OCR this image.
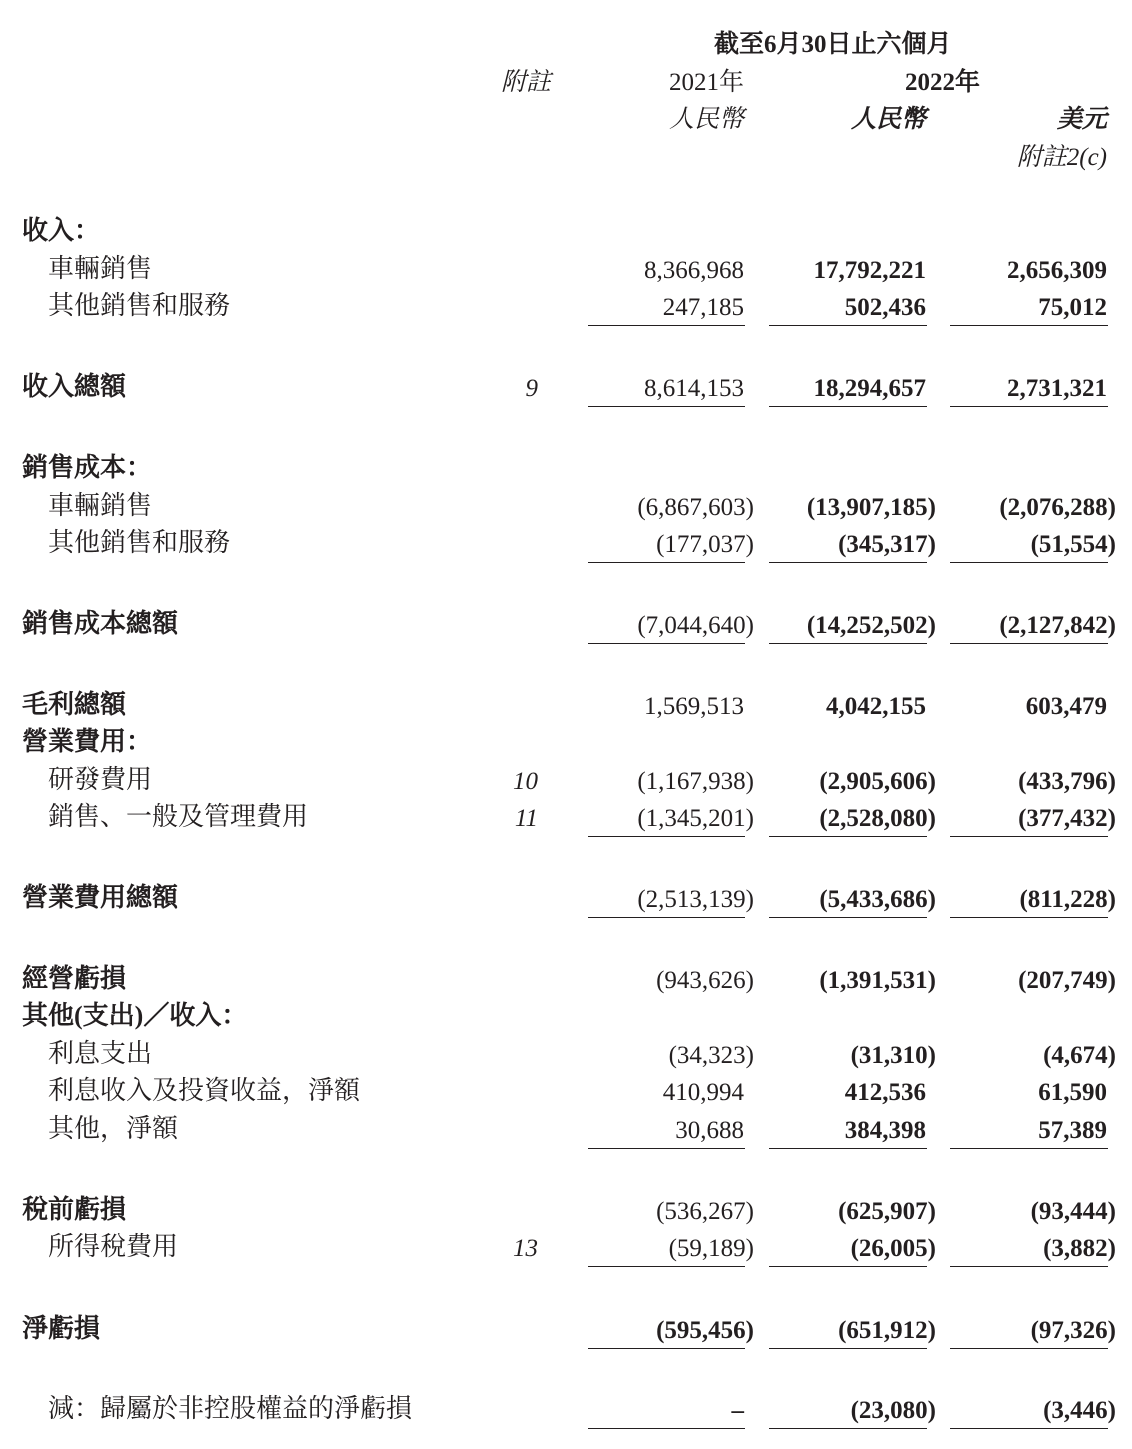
截至6月30日止六個月
附註	2021年	2022年
人民幣	人民幣	美元
附註2(c)
收入：
車輛銷售	8,366,968	17,792,221	2,656,309
其他銷售和服務	247,185	502,436	75,012
收入總額	9	8,614,153	18,294,657	2,731,321
銷售成本：
車輛銷售	(6,867,603) (13,907,185)	(2,076,288)
其他銷售和服務	(177,037)	(345,317)	(51,554)
銷售成本總額	(7,044,640) (14,252,502)	(2,127,842)
毛利總額	1,569,513	4,042,155	603,479
營業費用：
研發費用	10	(1,167,938)	(2,905,606)	(433,796)
銷售、一般及管理費用	11	(1,345,201)	(2,528,080)	(377,432)
營業費用總額	(2,513,139)	(5,433,686)	(811,228)
經營虧損	(943,626)	(1,391,531)	(207,749)
其他(支出)／收入：
利息支出	(34,323)	(31,310)	(4,674)
利息收入及投資收益，淨額	410,994	412,536	61,590
其他，淨額	30,688	384,398	57,389
稅前虧損	(536,267)	(625,907)	(93,444)
所得稅費用	13	(59,189)	(26,005)	(3,882)
淨虧損	(595,456)	(651,912)	(97,326)
減：歸屬於非控股權益的淨虧損	–	(23,080)	(3,446)
